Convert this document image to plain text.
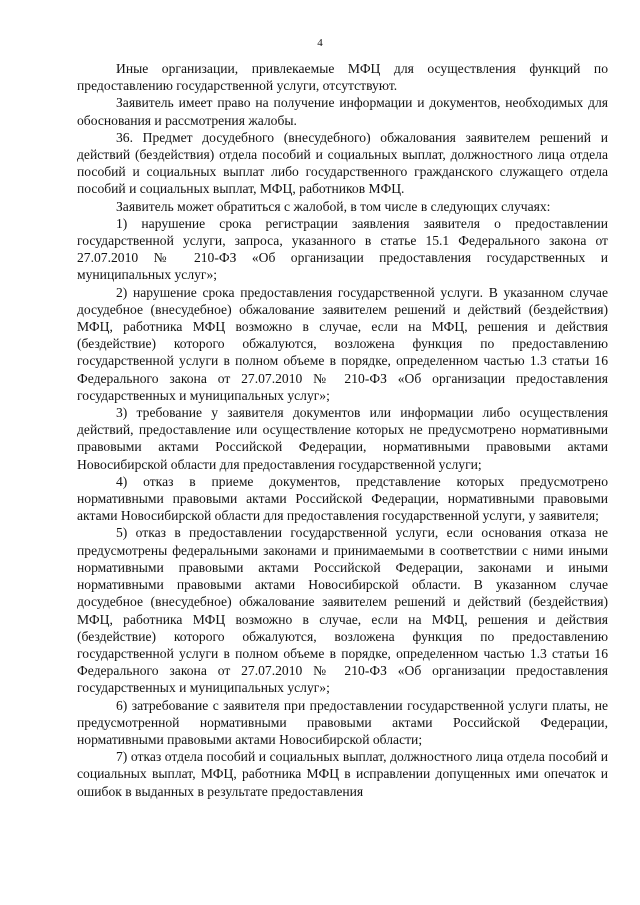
4

Иные организации, привлекаемые МФЦ для осуществления функций по предоставлению государственной услуги, отсутствуют.

Заявитель имеет право на получение информации и документов, необходимых для обоснования и рассмотрения жалобы.

36. Предмет досудебного (внесудебного) обжалования заявителем решений и действий (бездействия) отдела пособий и социальных выплат, должностного лица отдела пособий и социальных выплат либо государственного гражданского служащего отдела пособий и социальных выплат, МФЦ, работников МФЦ.

Заявитель может обратиться с жалобой, в том числе в следующих случаях:

1) нарушение срока регистрации заявления заявителя о предоставлении государственной услуги, запроса, указанного в статье 15.1 Федерального закона от 27.07.2010 № 210-ФЗ «Об организации предоставления государственных и муниципальных услуг»;

2) нарушение срока предоставления государственной услуги. В указанном случае досудебное (внесудебное) обжалование заявителем решений и действий (бездействия) МФЦ, работника МФЦ возможно в случае, если на МФЦ, решения и действия (бездействие) которого обжалуются, возложена функция по предоставлению государственной услуги в полном объеме в порядке, определенном частью 1.3 статьи 16 Федерального закона от 27.07.2010 № 210-ФЗ «Об организации предоставления государственных и муниципальных услуг»;

3) требование у заявителя документов или информации либо осуществления действий, предоставление или осуществление которых не предусмотрено нормативными правовыми актами Российской Федерации, нормативными правовыми актами Новосибирской области для предоставления государственной услуги;

4) отказ в приеме документов, представление которых предусмотрено нормативными правовыми актами Российской Федерации, нормативными правовыми актами Новосибирской области для предоставления государственной услуги, у заявителя;

5) отказ в предоставлении государственной услуги, если основания отказа не предусмотрены федеральными законами и принимаемыми в соответствии с ними иными нормативными правовыми актами Российской Федерации, законами и иными нормативными правовыми актами Новосибирской области. В указанном случае досудебное (внесудебное) обжалование заявителем решений и действий (бездействия) МФЦ, работника МФЦ возможно в случае, если на МФЦ, решения и действия (бездействие) которого обжалуются, возложена функция по предоставлению государственной услуги в полном объеме в порядке, определенном частью 1.3 статьи 16 Федерального закона от 27.07.2010 № 210-ФЗ «Об организации предоставления государственных и муниципальных услуг»;

6) затребование с заявителя при предоставлении государственной услуги платы, не предусмотренной нормативными правовыми актами Российской Федерации, нормативными правовыми актами Новосибирской области;

7) отказ отдела пособий и социальных выплат, должностного лица отдела пособий и социальных выплат, МФЦ, работника МФЦ в исправлении допущенных ими опечаток и ошибок в выданных в результате предоставления
